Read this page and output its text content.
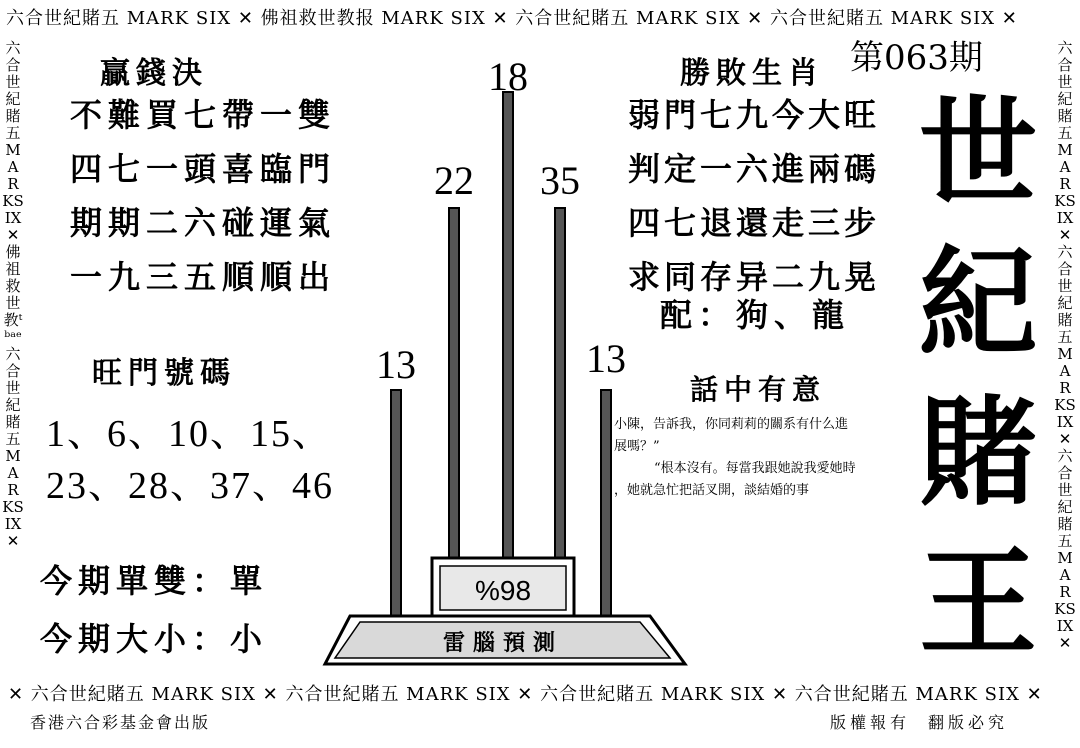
六合世紀賭五 MARK SIX ✕ 佛祖救世教报 MARK SIX ✕ 六合世紀賭五 MARK SIX ✕ 六合世紀賭五 MARK SIX ✕
✕ 六合世紀賭五 MARK SIX ✕ 六合世紀賭五 MARK SIX ✕ 六合世紀賭五 MARK SIX ✕ 六合世紀賭五 MARK SIX ✕
六合世紀賭五MARKSIX✕佛祖救世教ᵗᵇᵃᵉ六合世紀賭五MARKSIX✕
六合世紀賭五MARKSIX✕六合世紀賭五MARKSIX✕六合世紀賭五MARKSIX✕
贏錢決
不難買七帶一雙
四七一頭喜臨門
期期二六碰運氣
一九三五順順出
旺門號碼
1、6、10、15、
23、28、37、46
今期單雙：單
今期大小：小
勝敗生肖 第063期
弱門七九今大旺
判定一六進兩碼
四七退還走三步
求同存异二九晃
配：狗、龍
世
紀
賭
王
話中有意
小陳，告訴我，你同莉莉的關系有什么進
展嗎？”
“根本沒有。每當我跟她說我愛她時
，她就急忙把話叉開，談結婚的事
13
22
18
35
13
%98
雷腦預測
香港六合彩基金會出版	版權報有 翻版必究
